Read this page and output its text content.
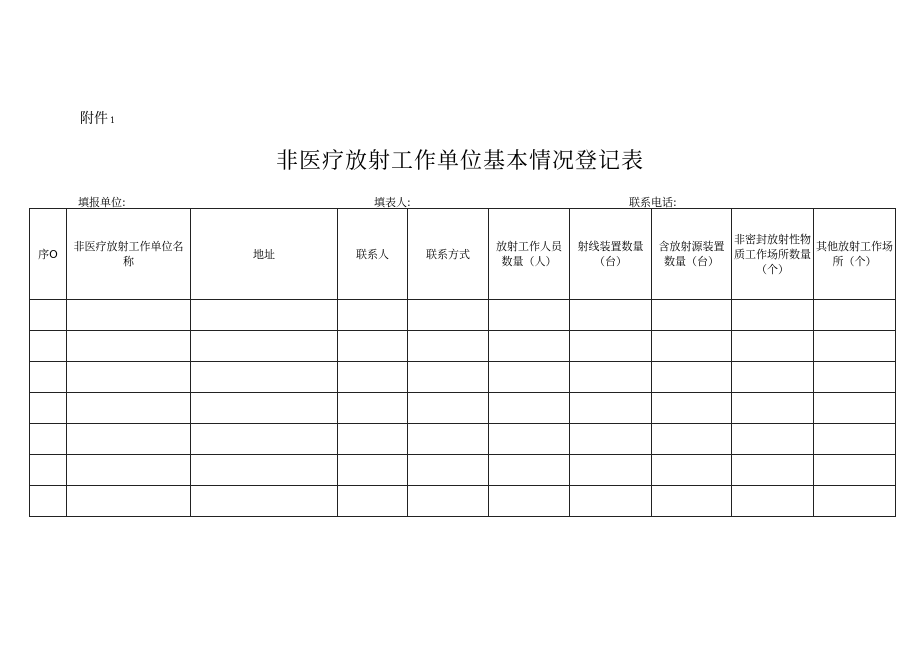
附件 1
非医疗放射工作单位基本情况登记表
填报单位:	填表人:	联系电话:
序O	非医疗放射工作单位名称	地址	联系人	联系方式	放射工作人员数量（人）	射线装置数量（台）	含放射源装置数量（台）	非密封放射性物质工作场所数量（个）	其他放射工作场所（个）
